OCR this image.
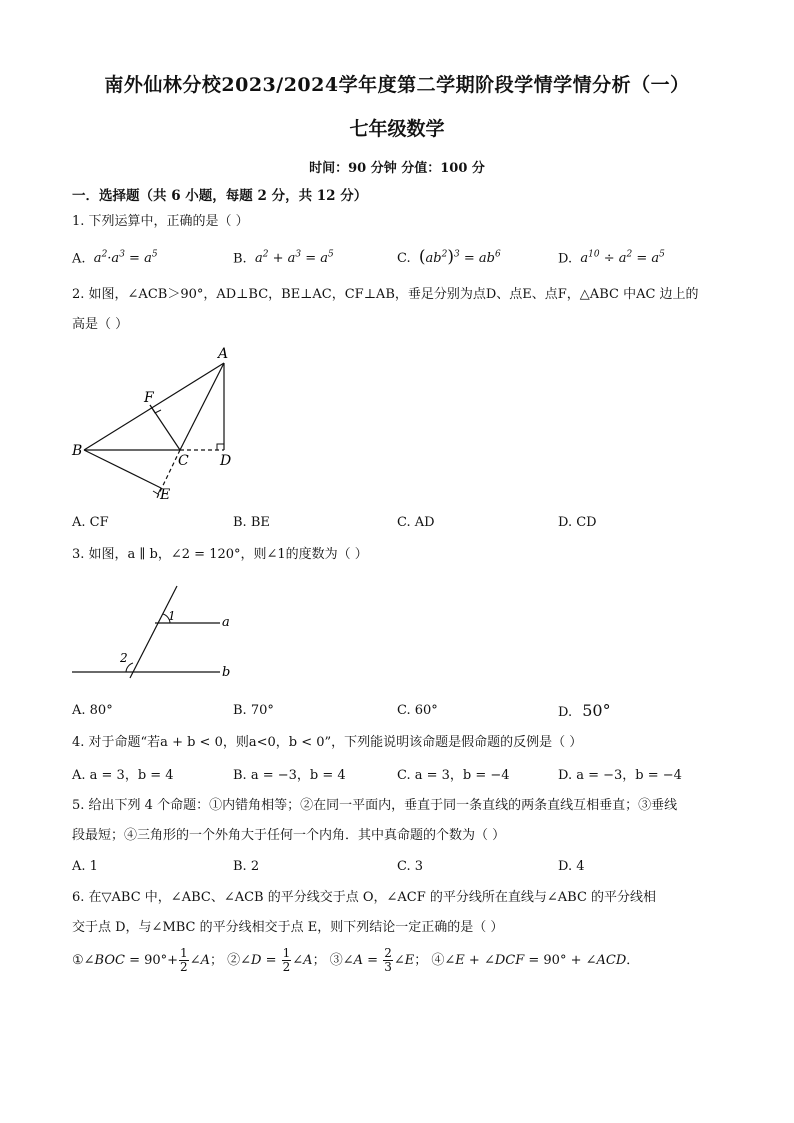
南外仙林分校2023/2024学年度第二学期阶段学情学情分析（一）
七年级数学
时间：90 分钟 分值：100 分
一．选择题（共 6 小题，每题 2 分，共 12 分）
1. 下列运算中，正确的是（ ）
A.  $a^2\cdot a^3 = a^5$	B.  $a^2 + a^3 = a^5$	C. $(ab^2)^3 = ab^6$	D.  $a^{10} \div a^2 = a^5$
2. 如图，∠ACB＞90°，AD⊥BC，BE⊥AC，CF⊥AB，垂足分别为点D、点E、点F，△ABC 中AC 边上的
高是（ ）
A
B
C D
E
F
A. CF	B. BE	C. AD	D. CD
3. 如图，a ∥ b，∠2 = 120°，则∠1的度数为（ ）
1
2
a
b
A. 80°	B. 70°	C. 60°	D. 50°
4. 对于命题“若a + b < 0，则a<0，b < 0”，下列能说明该命题是假命题的反例是（ ）
A. a = 3，b = 4	B. a = −3，b = 4	C. a = 3，b = −4	D. a = −3，b = −4
5. 给出下列 4 个命题：①内错角相等；②在同一平面内，垂直于同一条直线的两条直线互相垂直；③垂线
段最短；④三角形的一个外角大于任何一个内角．其中真命题的个数为（ ）
A. 1	B. 2	C. 3	D. 4
6. 在▽ABC 中，∠ABC、∠ACB 的平分线交于点 O，∠ACF 的平分线所在直线与∠ABC 的平分线相
交于点 D，与∠MBC 的平分线相交于点 E，则下列结论一定正确的是（ ）
①∠BOC = $90^\circ+ \frac{1}{2}$ ∠A； ②∠D = $\frac{1}{2}$ ∠A； ③∠A = $\frac{2}{3}$ ∠E； ④∠E + ∠DCF = 90° + ∠ACD．
